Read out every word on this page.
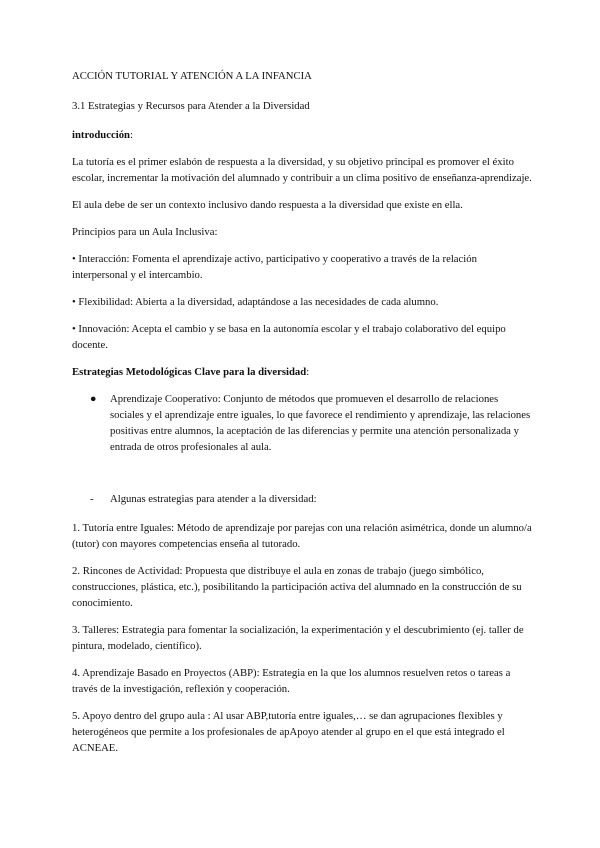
ACCIÓN TUTORIAL Y ATENCIÓN A LA INFANCIA

3.1 Estrategias y Recursos para Atender a la Diversidad

introducción:

La tutoría es el primer eslabón de respuesta a la diversidad, y su objetivo principal es promover el éxito escolar, incrementar la motivación del alumnado y contribuir a un clima positivo de enseñanza-aprendizaje.

El aula debe de ser un contexto inclusivo dando respuesta a la diversidad que existe en ella.

Principios para un Aula Inclusiva:

• Interacción: Fomenta el aprendizaje activo, participativo y cooperativo a través de la relación interpersonal y el intercambio.

• Flexibilidad: Abierta a la diversidad, adaptándose a las necesidades de cada alumno.

• Innovación: Acepta el cambio y se basa en la autonomía escolar y el trabajo colaborativo del equipo docente.

Estrategias Metodológicas Clave para la diversidad:

● Aprendizaje Cooperativo: Conjunto de métodos que promueven el desarrollo de relaciones sociales y el aprendizaje entre iguales, lo que favorece el rendimiento y aprendizaje, las relaciones positivas entre alumnos, la aceptación de las diferencias y permite una atención personalizada y entrada de otros profesionales al aula.
- Algunas estrategias para atender a la diversidad:

1. Tutoría entre Iguales: Método de aprendizaje por parejas con una relación asimétrica, donde un alumno/a (tutor) con mayores competencias enseña al tutorado.

2. Rincones de Actividad: Propuesta que distribuye el aula en zonas de trabajo (juego simbólico, construcciones, plástica, etc.), posibilitando la participación activa del alumnado en la construcción de su conocimiento.

3. Talleres: Estrategia para fomentar la socialización, la experimentación y el descubrimiento (ej. taller de pintura, modelado, científico).

4. Aprendizaje Basado en Proyectos (ABP): Estrategia en la que los alumnos resuelven retos o tareas a través de la investigación, reflexión y cooperación.

5. Apoyo dentro del grupo aula : Al usar ABP,tutoría entre iguales,… se dan agrupaciones flexibles y heterogéneos que permite a los profesionales de apApoyo atender al grupo en el que está integrado el ACNEAE.
